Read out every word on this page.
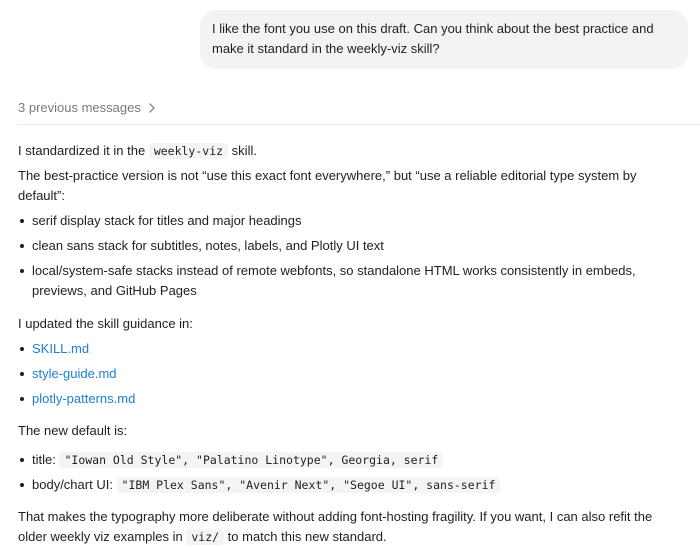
I like the font you use on this draft. Can you think about the best practice and make it standard in the weekly-viz skill?
3 previous messages

I standardized it in the weekly-viz skill.

The best-practice version is not “use this exact font everywhere,” but “use a reliable editorial type system by default”:

serif display stack for titles and major headings
clean sans stack for subtitles, notes, labels, and Plotly UI text
local/system-safe stacks instead of remote webfonts, so standalone HTML works consistently in embeds, previews, and GitHub Pages

I updated the skill guidance in:

SKILL.md
style-guide.md
plotly-patterns.md

The new default is:

title: "Iowan Old Style", "Palatino Linotype", Georgia, serif
body/chart UI: "IBM Plex Sans", "Avenir Next", "Segoe UI", sans-serif

That makes the typography more deliberate without adding font-hosting fragility. If you want, I can also refit the older weekly viz examples in viz/ to match this new standard.
